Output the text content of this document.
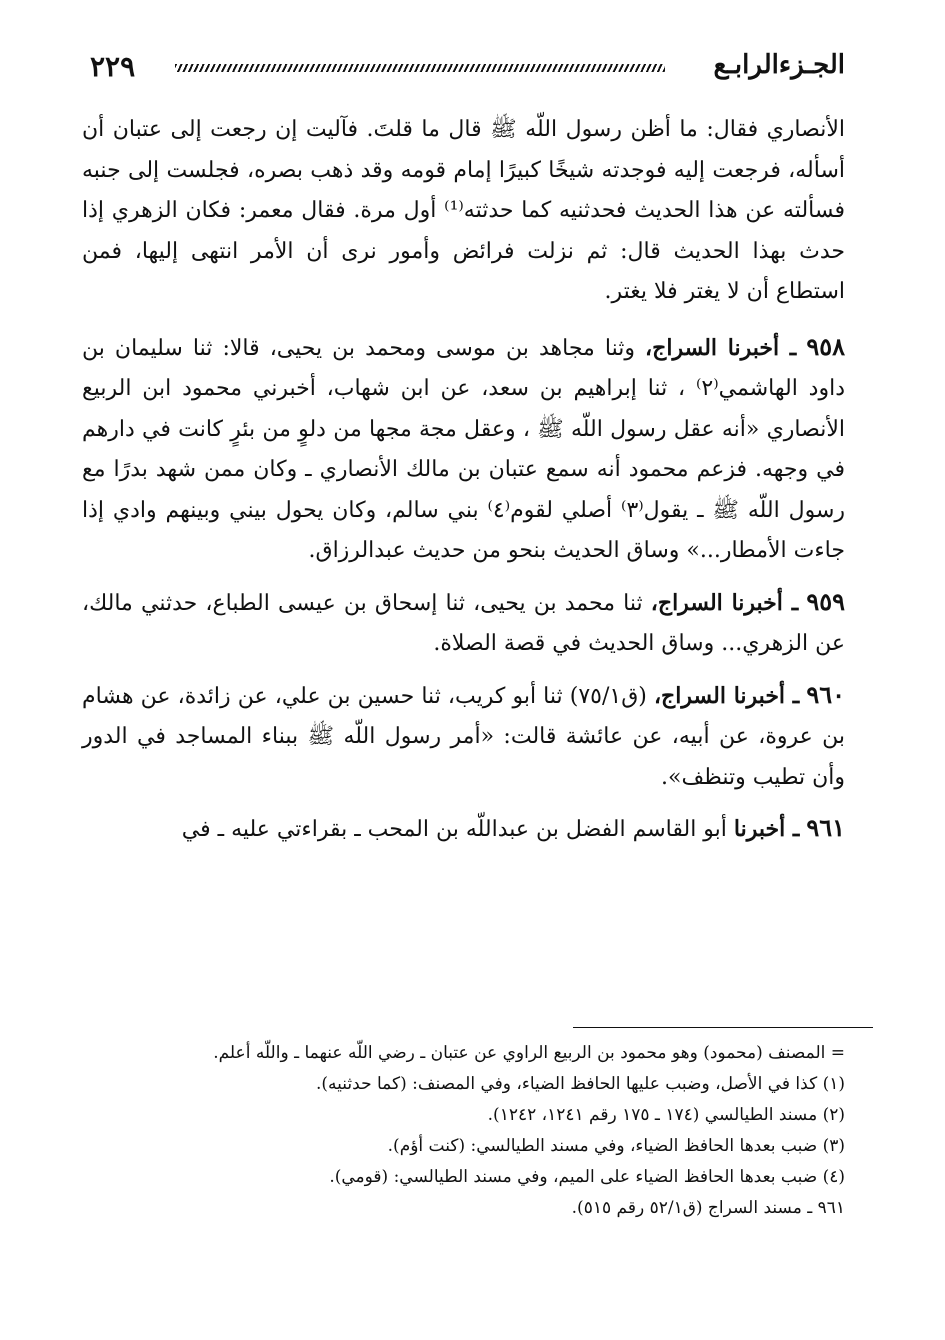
٢٢٩	الجـزءالرابـع

الأنصاري فقال: ما أظن رسول اللّه ﷺ قال ما قلتَ. فآليت إن رجعت إلى عتبان أن أسأله، فرجعت إليه فوجدته شيخًا كبيرًا إمام قومه وقد ذهب بصره، فجلست إلى جنبه فسألته عن هذا الحديث فحدثنيه كما حدثته⁽¹⁾ أول مرة. فقال معمر: فكان الزهري إذا حدث بهذا الحديث قال: ثم نزلت فرائض وأمور نرى أن الأمر انتهى إليها، فمن استطاع أن لا يغتر فلا يغتر.

٩٥٨ ـ أخبرنا السراج، وثنا مجاهد بن موسى ومحمد بن يحيى، قالا: ثنا سليمان بن داود الهاشمي⁽٢⁾ ، ثنا إبراهيم بن سعد، عن ابن شهاب، أخبرني محمود ابن الربيع الأنصاري «أنه عقل رسول اللّه ﷺ ، وعقل مجة مجها من دلوٍ من بئرٍ كانت في دارهم في وجهه. فزعم محمود أنه سمع عتبان بن مالك الأنصاري ـ وكان ممن شهد بدرًا مع رسول اللّه ﷺ ـ يقول⁽٣⁾ أصلي لقوم⁽٤⁾ بني سالم، وكان يحول بيني وبينهم وادي إذا جاءت الأمطار...» وساق الحديث بنحو من حديث عبدالرزاق.

٩٥٩ ـ أخبرنا السراج، ثنا محمد بن يحيى، ثنا إسحاق بن عيسى الطباع، حدثني مالك، عن الزهري... وساق الحديث في قصة الصلاة.

٩٦٠ ـ أخبرنا السراج، (ق٧٥/١) ثنا أبو كريب، ثنا حسين بن علي، عن زائدة، عن هشام بن عروة، عن أبيه، عن عائشة قالت: «أمر رسول اللّه ﷺ ببناء المساجد في الدور وأن تطيب وتنظف».

٩٦١ ـ أخبرنا أبو القاسم الفضل بن عبداللّه بن المحب ـ بقراءتي عليه ـ في

= المصنف (محمود) وهو محمود بن الربيع الراوي عن عتبان ـ رضي اللّه عنهما ـ واللّه أعلم.
(١) كذا في الأصل، وضبب عليها الحافظ الضياء، وفي المصنف: (كما حدثنيه).
(٢) مسند الطيالسي (١٧٤ ـ ١٧٥ رقم ١٢٤١، ١٢٤٢).
(٣) ضبب بعدها الحافظ الضياء، وفي مسند الطيالسي: (كنت أؤم).
(٤) ضبب بعدها الحافظ الضياء على الميم، وفي مسند الطيالسي: (قومي).
٩٦١ ـ مسند السراج (ق٥٢/١ رقم ٥١٥).
